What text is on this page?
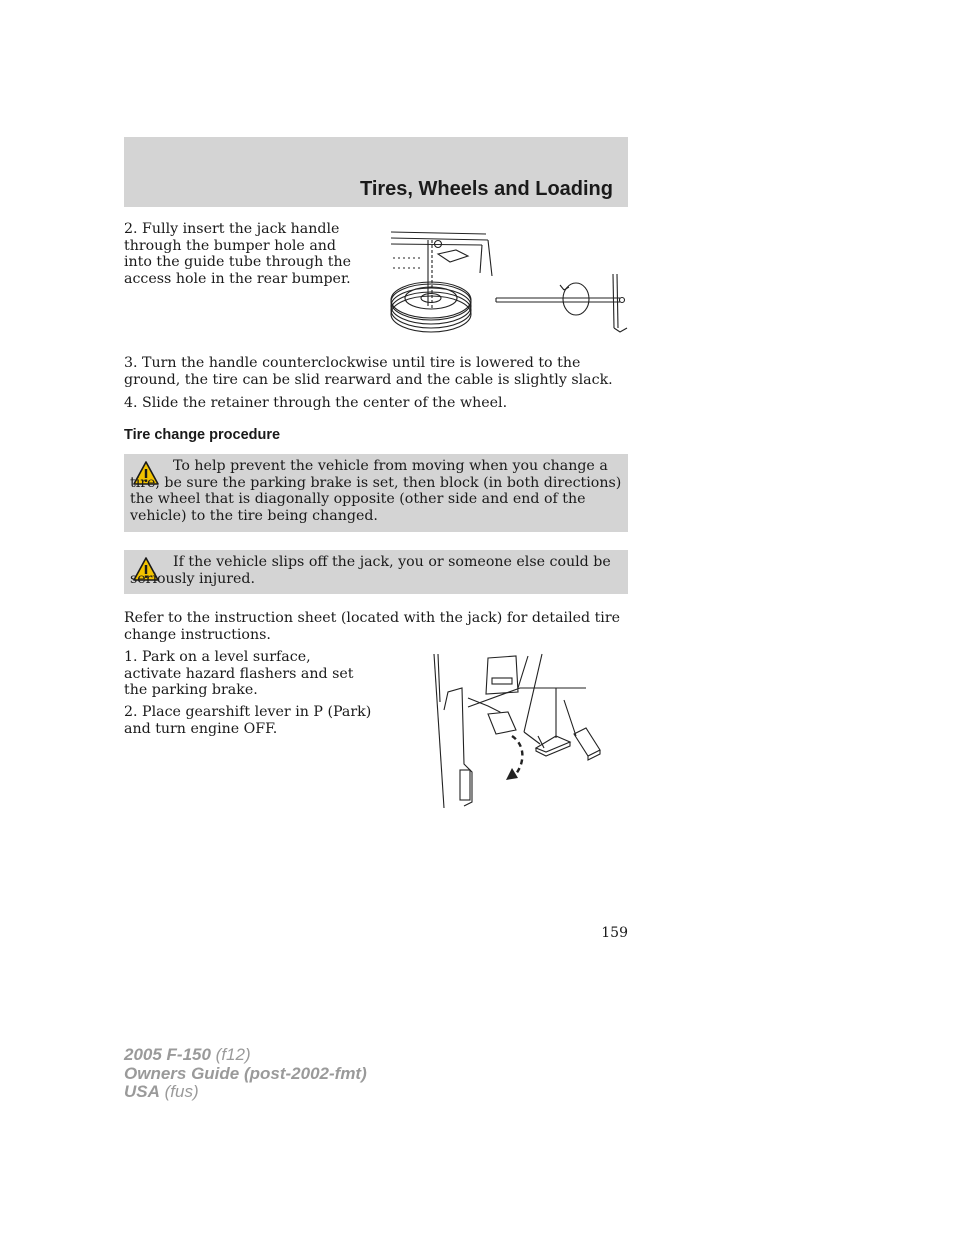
Tires, Wheels and Loading

2. Fully insert the jack handle through the bumper hole and into the guide tube through the access hole in the rear bumper.

3. Turn the handle counterclockwise until tire is lowered to the ground, the tire can be slid rearward and the cable is slightly slack.

4. Slide the retainer through the center of the wheel.

Tire change procedure

To help prevent the vehicle from moving when you change a tire, be sure the parking brake is set, then block (in both directions) the wheel that is diagonally opposite (other side and end of the vehicle) to the tire being changed.

If the vehicle slips off the jack, you or someone else could be seriously injured.

Refer to the instruction sheet (located with the jack) for detailed tire change instructions.

1. Park on a level surface, activate hazard flashers and set the parking brake.

2. Place gearshift lever in P (Park) and turn engine OFF.

159

2005 F-150 (f12)
Owners Guide (post-2002-fmt)
USA (fus)
